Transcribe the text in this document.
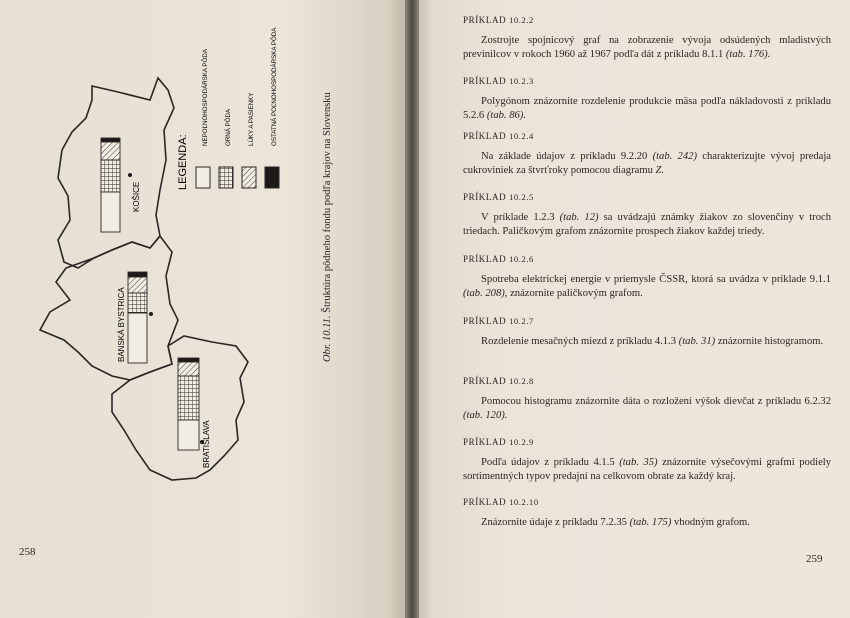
KOŠICE
BANSKÁ BYSTRICA
BRATISLAVA
LEGENDA:
NEPOĽNOHOSPODÁRSKA PÔDA	ORNÁ PÔDA	LÚKY A PASIENKY	OSTATNÁ POĽNOHOSPODÁRSKA PÔDA
Obr. 10.11. Štruktúra pôdneho fondu podľa krajov na Slovensku
258
259
PRÍKLAD 10.2.2
Zostrojte spojnicový graf na zobrazenie vývoja odsúdených mladistvých previnilcov v rokoch 1960 až 1967 podľa dát z príkladu 8.1.1 (tab. 176).
PRÍKLAD 10.2.3
Polygónom znázornite rozdelenie produkcie mäsa podľa nákladovosti z príkladu 5.2.6 (tab. 86).
PRÍKLAD 10.2.4
Na základe údajov z príkladu 9.2.20 (tab. 242) charakterizujte vývoj predaja cukroviniek za štvrťroky pomocou diagramu Z.
PRÍKLAD 10.2.5
V príklade 1.2.3 (tab. 12) sa uvádzajú známky žiakov zo slovenčiny v troch triedach. Paličkovým grafom znázornite prospech žiakov každej triedy.
PRÍKLAD 10.2.6
Spotreba elektrickej energie v priemysle ČSSR, ktorá sa uvádza v príklade 9.1.1 (tab. 208), znázornite paličkovým grafom.
PRÍKLAD 10.2.7
Rozdelenie mesačných miezd z príkladu 4.1.3 (tab. 31) znázornite histogramom.
PRÍKLAD 10.2.8
Pomocou histogramu znázornite dáta o rozložení výšok dievčat z príkladu 6.2.32 (tab. 120).
PRÍKLAD 10.2.9
Podľa údajov z príkladu 4.1.5 (tab. 35) znázornite výsečovými grafmi podiely sortimentných typov predajní na celkovom obrate za každý kraj.
PRÍKLAD 10.2.10
Znázornite údaje z príkladu 7.2.35 (tab. 175) vhodným grafom.
